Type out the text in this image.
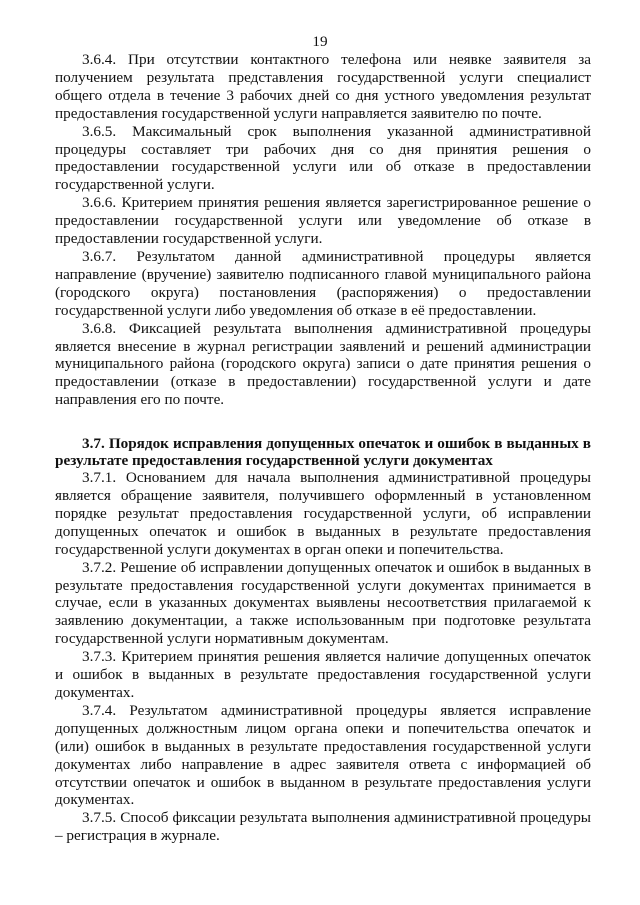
19

3.6.4. При отсутствии контактного телефона или неявке заявителя за получением результата представления государственной услуги специалист общего отдела в течение 3 рабочих дней со дня устного уведомления результат предоставления государственной услуги направляется заявителю по почте.

3.6.5. Максимальный срок выполнения указанной административной процедуры составляет три рабочих дня со дня принятия решения о предоставлении государственной услуги или об отказе в предоставлении государственной услуги.

3.6.6. Критерием принятия решения является зарегистрированное решение о предоставлении государственной услуги или уведомление об отказе в предоставлении государственной услуги.

3.6.7. Результатом данной административной процедуры является направление (вручение) заявителю подписанного главой муниципального района (городского округа) постановления (распоряжения) о предоставлении государственной услуги либо уведомления об отказе в её предоставлении.

3.6.8. Фиксацией результата выполнения административной процедуры является внесение в журнал регистрации заявлений и решений администрации муниципального района (городского округа) записи о дате принятия решения о предоставлении (отказе в предоставлении) государственной услуги и дате направления его по почте.

3.7. Порядок исправления допущенных опечаток и ошибок в выданных в результате предоставления государственной услуги документах

3.7.1. Основанием для начала выполнения административной процедуры является обращение заявителя, получившего оформленный в установленном порядке результат предоставления государственной услуги, об исправлении допущенных опечаток и ошибок в выданных в результате предоставления государственной услуги документах в орган опеки и попечительства.

3.7.2. Решение об исправлении допущенных опечаток и ошибок в выданных в результате предоставления государственной услуги документах принимается в случае, если в указанных документах выявлены несоответствия прилагаемой к заявлению документации, а также использованным при подготовке результата государственной услуги нормативным документам.

3.7.3. Критерием принятия решения является наличие допущенных опечаток и ошибок в выданных в результате предоставления государственной услуги документах.

3.7.4. Результатом административной процедуры является исправление допущенных должностным лицом органа опеки и попечительства опечаток и (или) ошибок в выданных в результате предоставления государственной услуги документах либо направление в адрес заявителя ответа с информацией об отсутствии опечаток и ошибок в выданном в результате предоставления услуги документах.

3.7.5. Способ фиксации результата выполнения административной процедуры – регистрация в журнале.
